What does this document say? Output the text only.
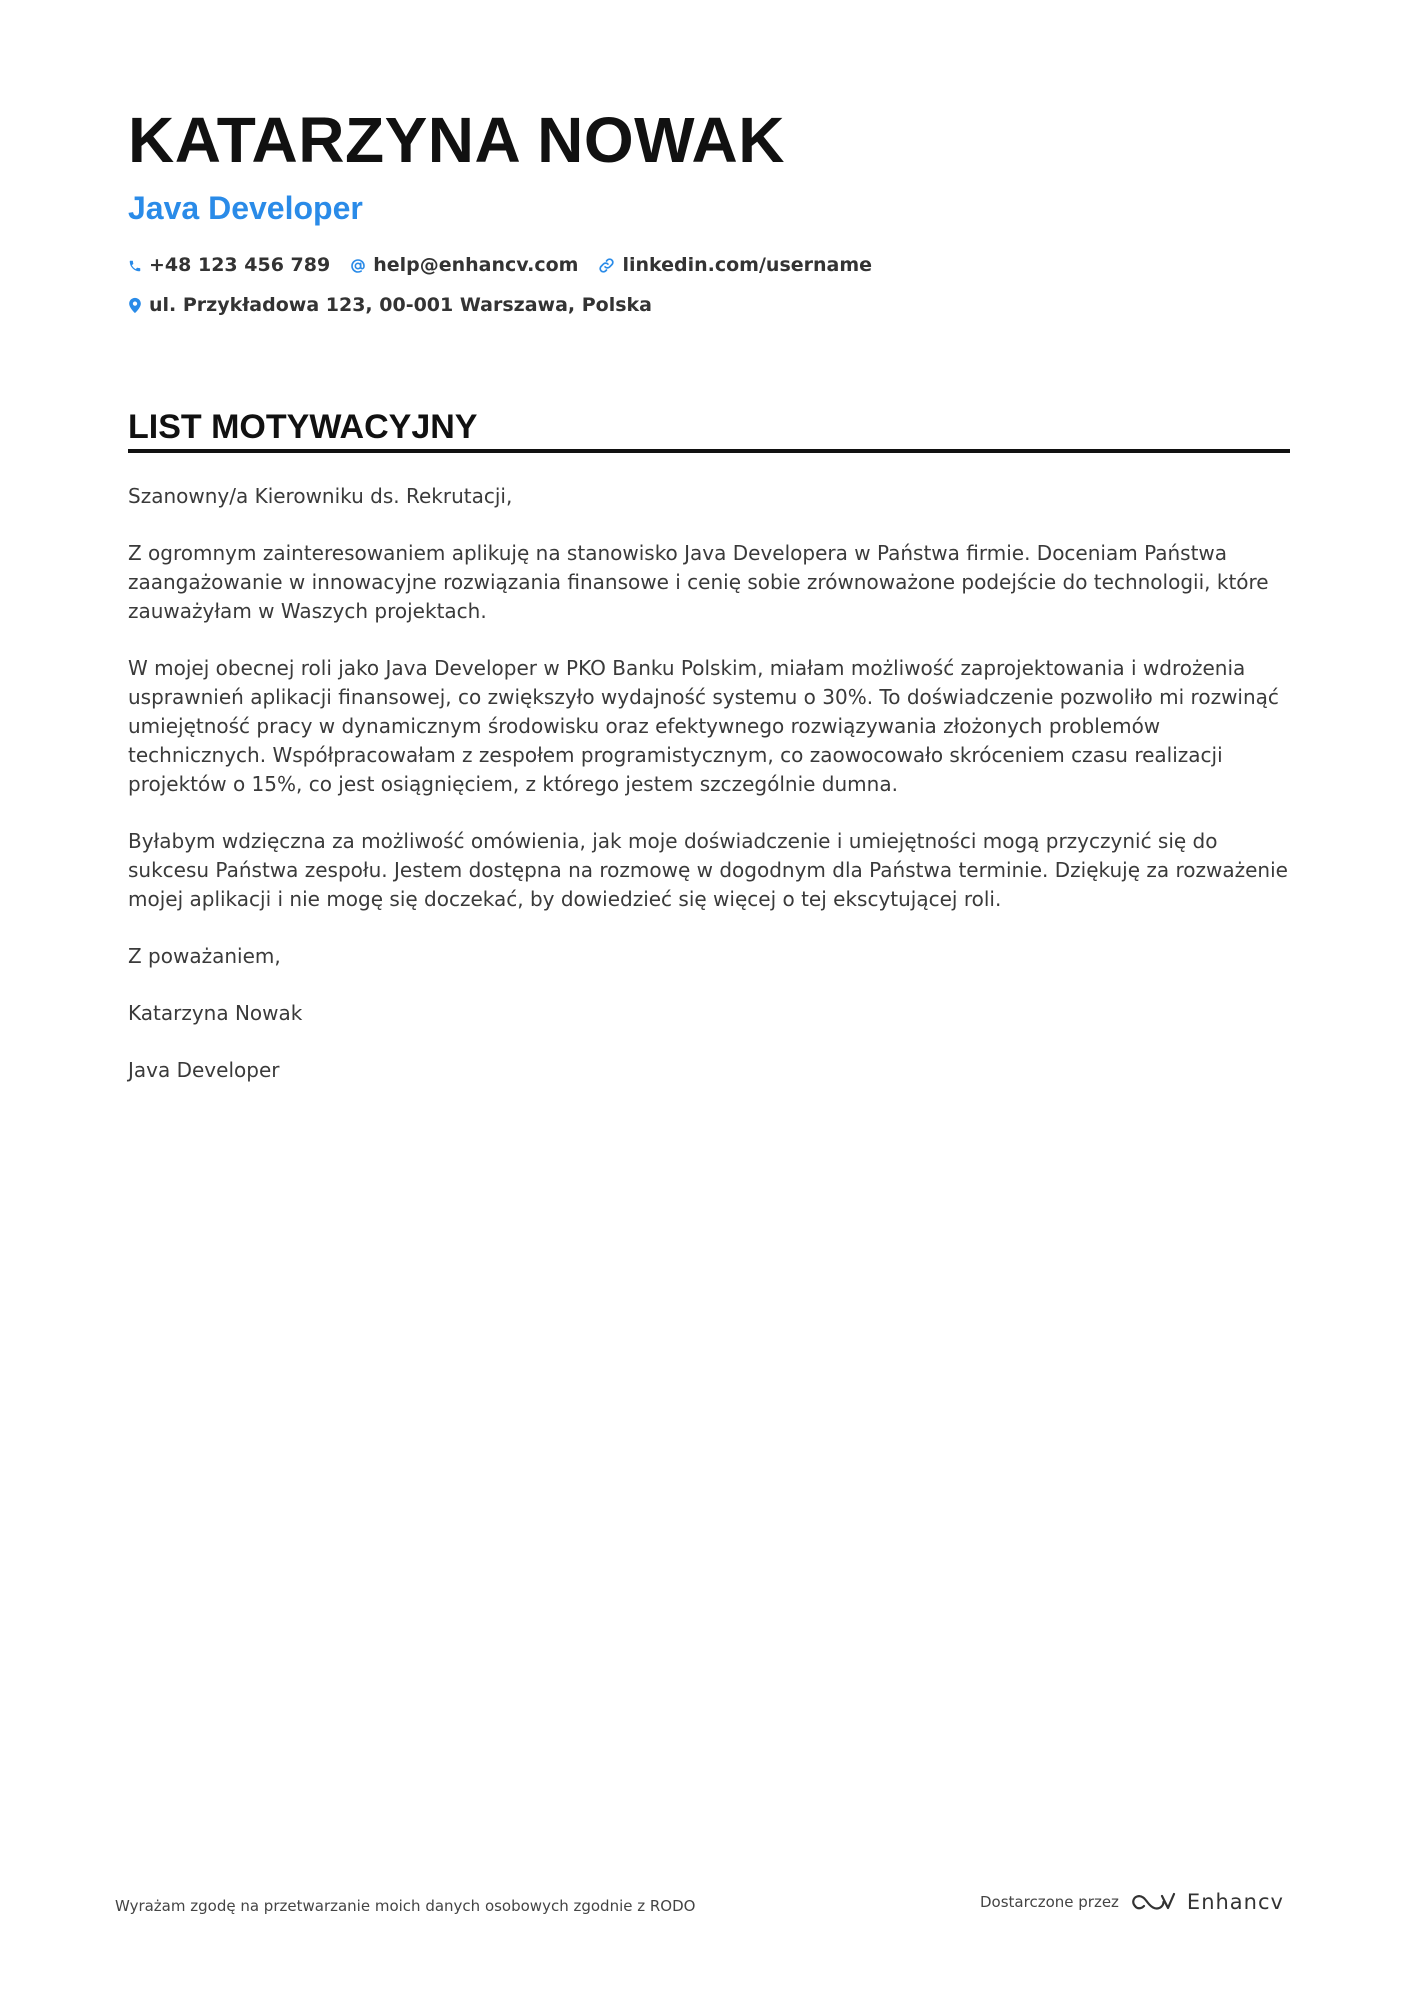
KATARZYNA NOWAK
Java Developer
+48 123 456 789 help@enhancv.com linkedin.com/username
ul. Przykładowa 123, 00-001 Warszawa, Polska
LIST MOTYWACYJNY

Szanowny/a Kierowniku ds. Rekrutacji,

Z ogromnym zainteresowaniem aplikuję na stanowisko Java Developera w Państwa firmie. Doceniam Państwa zaangażowanie w innowacyjne rozwiązania finansowe i cenię sobie zrównoważone podejście do technologii, które zauważyłam w Waszych projektach.

W mojej obecnej roli jako Java Developer w PKO Banku Polskim, miałam możliwość zaprojektowania i wdrożenia usprawnień aplikacji finansowej, co zwiększyło wydajność systemu o 30%. To doświadczenie pozwoliło mi rozwinąć umiejętność pracy w dynamicznym środowisku oraz efektywnego rozwiązywania złożonych problemów technicznych. Współpracowałam z zespołem programistycznym, co zaowocowało skróceniem czasu realizacji projektów o 15%, co jest osiągnięciem, z którego jestem szczególnie dumna.

Byłabym wdzięczna za możliwość omówienia, jak moje doświadczenie i umiejętności mogą przyczynić się do sukcesu Państwa zespołu. Jestem dostępna na rozmowę w dogodnym dla Państwa terminie. Dziękuję za rozważenie mojej aplikacji i nie mogę się doczekać, by dowiedzieć się więcej o tej ekscytującej roli.

Z poważaniem,

Katarzyna Nowak

Java Developer

Wyrażam zgodę na przetwarzanie moich danych osobowych zgodnie z RODO	Dostarczone przez	Enhancv
